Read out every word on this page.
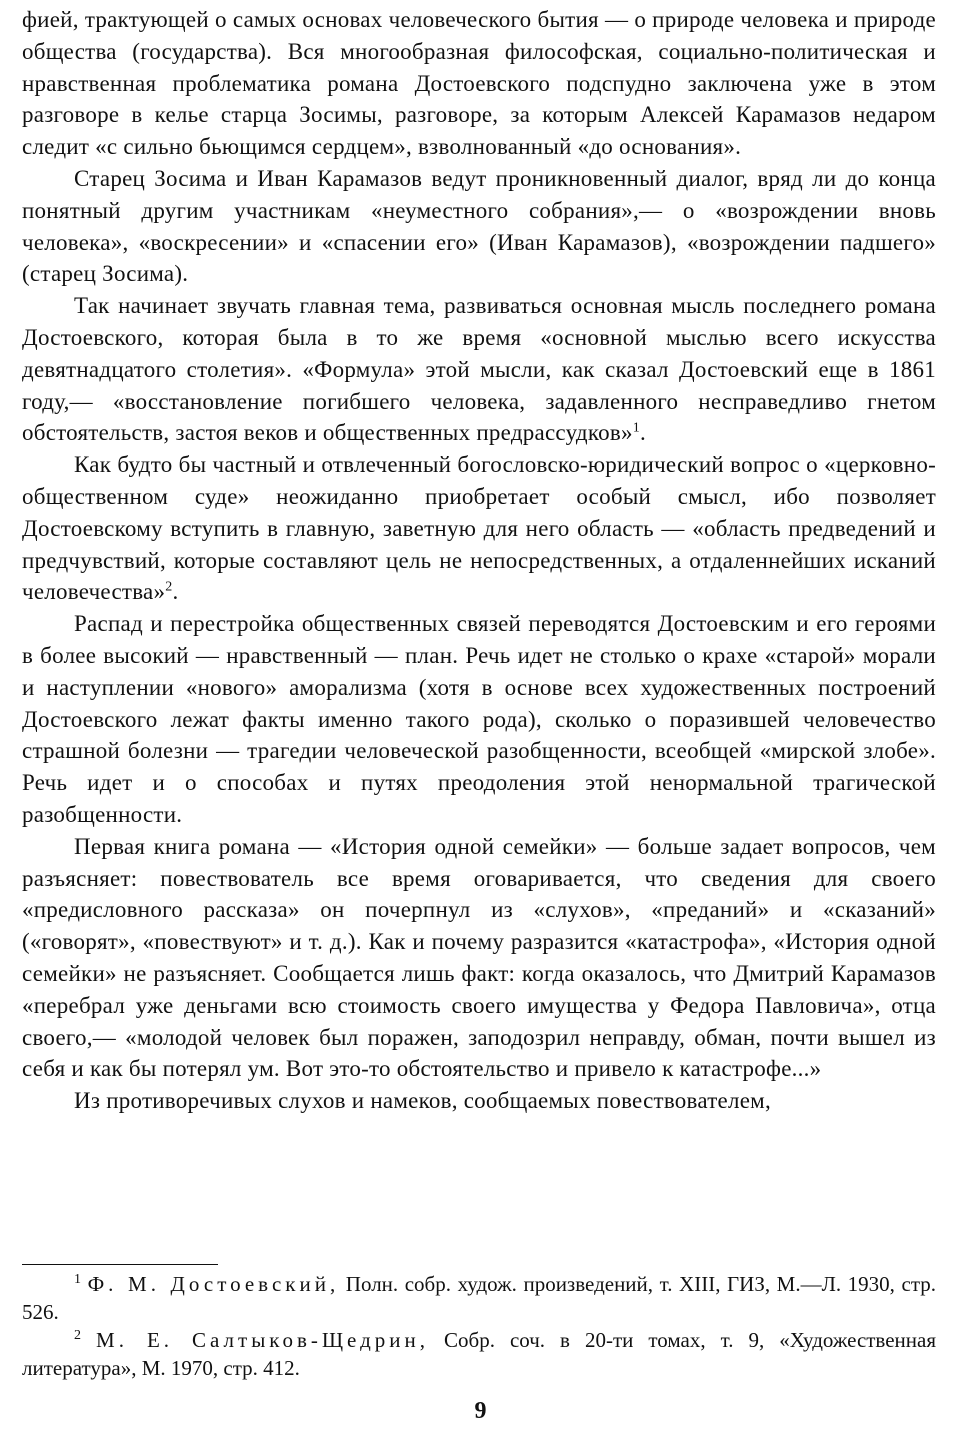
фией, трактующей о самых основах человеческого бытия — о природе человека и природе общества (государства). Вся многообразная философская, социально-политическая и нравственная проблематика романа Достоевского подспудно заключена уже в этом разговоре в келье старца Зосимы, разговоре, за которым Алексей Карамазов недаром следит «с сильно бьющимся сердцем», взволнованный «до основания».

Старец Зосима и Иван Карамазов ведут проникновенный диалог, вряд ли до конца понятный другим участникам «неуместного собрания»,— о «возрождении вновь человека», «воскресении» и «спасении его» (Иван Карамазов), «возрождении падшего» (старец Зосима).

Так начинает звучать главная тема, развиваться основная мысль последнего романа Достоевского, которая была в то же время «основной мыслью всего искусства девятнадцатого столетия». «Формула» этой мысли, как сказал Достоевский еще в 1861 году,— «восстановление погибшего человека, задавленного несправедливо гнетом обстоятельств, застоя веков и общественных предрассудков»$^1$.

Как будто бы частный и отвлеченный богословско-юридический вопрос о «церковно-общественном суде» неожиданно приобретает особый смысл, ибо позволяет Достоевскому вступить в главную, заветную для него область — «область предведений и предчувствий, которые составляют цель не непосредственных, а отдаленнейших исканий человечества»$^2$.

Распад и перестройка общественных связей переводятся Достоевским и его героями в более высокий — нравственный — план. Речь идет не столько о крахе «старой» морали и наступлении «нового» аморализма (хотя в основе всех художественных построений Достоевского лежат факты именно такого рода), сколько о поразившей человечество страшной болезни — трагедии человеческой разобщенности, всеобщей «мирской злобе». Речь идет и о способах и путях преодоления этой ненормальной трагической разобщенности.

Первая книга романа — «История одной семейки» — больше задает вопросов, чем разъясняет: повествователь все время оговаривается, что сведения для своего «предисловного рассказа» он почерпнул из «слухов», «преданий» и «сказаний» («говорят», «повествуют» и т. д.). Как и почему разразится «катастрофа», «История одной семейки» не разъясняет. Сообщается лишь факт: когда оказалось, что Дмитрий Карамазов «перебрал уже деньгами всю стоимость своего имущества у Федора Павловича», отца своего,— «молодой человек был поражен, заподозрил неправду, обман, почти вышел из себя и как бы потерял ум. Вот это-то обстоятельство и привело к катастрофе...»

Из противоречивых слухов и намеков, сообщаемых повествователем,

$^1$ Ф. М. Достоевский, Полн. собр. худож. произведений, т. XIII, ГИЗ, М.—Л. 1930, стр. 526.

$^2$ М. Е. Салтыков-Щедрин, Собр. соч. в 20-ти томах, т. 9, «Художественная литература», М. 1970, стр. 412.

9
